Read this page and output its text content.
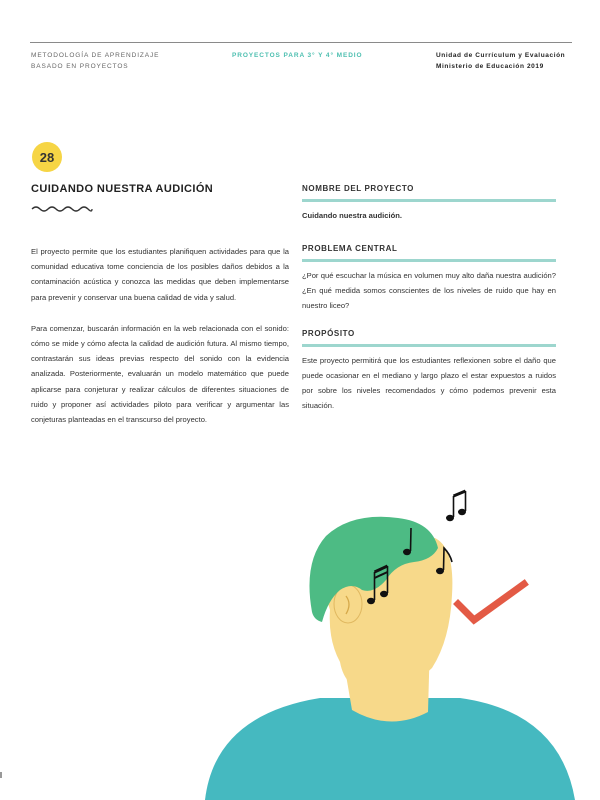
METODOLOGÍA DE APRENDIZAJE
BASADO EN PROYECTOS
PROYECTOS PARA 3° Y 4° MEDIO	Unidad de Currículum y Evaluación
Ministerio de Educación 2019
28
CUIDANDO NUESTRA AUDICIÓN

El proyecto permite que los estudiantes planifiquen actividades para que la comunidad educativa tome conciencia de los posibles daños debidos a la contaminación acústica y conozca las medidas que deben implementarse para prevenir y conservar una buena calidad de vida y salud.

Para comenzar, buscarán información en la web relacionada con el sonido: cómo se mide y cómo afecta la calidad de audición futura. Al mismo tiempo, contrastarán sus ideas previas respecto del sonido con la evidencia analizada. Posteriormente, evaluarán un modelo matemático que puede aplicarse para conjeturar y realizar cálculos de diferentes situaciones de ruido y proponer así actividades piloto para verificar y argumentar las conjeturas planteadas en el transcurso del proyecto.

NOMBRE DEL PROYECTO

Cuidando nuestra audición.

PROBLEMA CENTRAL

¿Por qué escuchar la música en volumen muy alto daña nuestra audición? ¿En qué medida somos conscientes de los niveles de ruido que hay en nuestro liceo?

PROPÓSITO

Este proyecto permitirá que los estudiantes reflexionen sobre el daño que puede ocasionar en el mediano y largo plazo el estar expuestos a ruidos por sobre los niveles recomendados y cómo podemos prevenir esta situación.
